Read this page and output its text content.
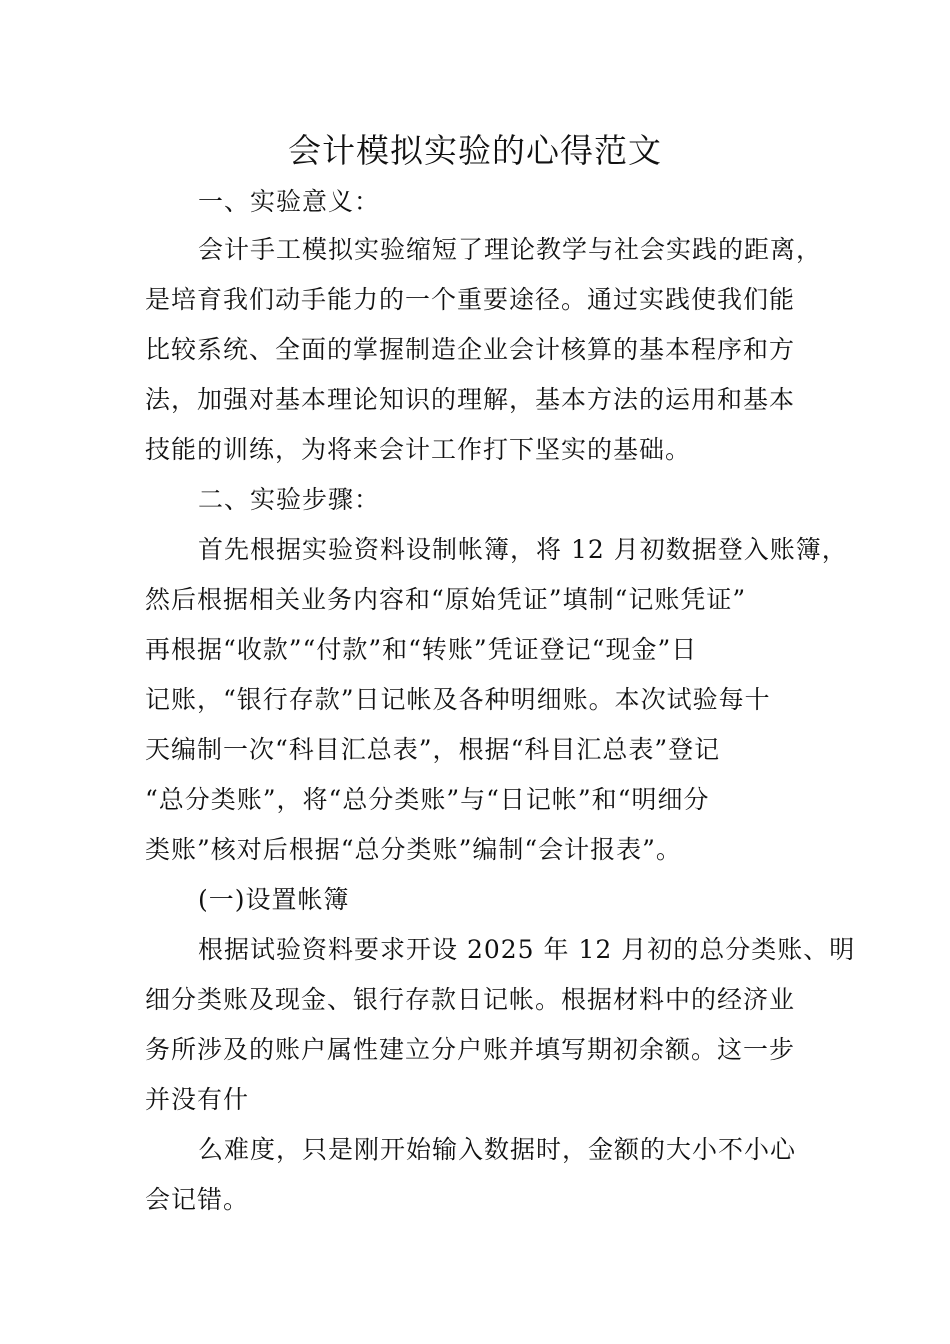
会计模拟实验的心得范文
一、实验意义：
会计手工模拟实验缩短了理论教学与社会实践的距离，
是培育我们动手能力的一个重要途径。通过实践使我们能
比较系统、全面的掌握制造企业会计核算的基本程序和方
法，加强对基本理论知识的理解，基本方法的运用和基本
技能的训练，为将来会计工作打下坚实的基础。
二、实验步骤：
首先根据实验资料设制帐簿，将 12 月初数据登入账簿，
然后根据相关业务内容和“原始凭证”填制“记账凭证”
再根据“收款”“付款”和“转账”凭证登记“现金”日
记账，“银行存款”日记帐及各种明细账。本次试验每十
天编制一次“科目汇总表”，根据“科目汇总表”登记
“总分类账”，将“总分类账”与“日记帐”和“明细分
类账”核对后根据“总分类账”编制“会计报表”。
(一)设置帐簿
根据试验资料要求开设 2025 年 12 月初的总分类账、明
细分类账及现金、银行存款日记帐。根据材料中的经济业
务所涉及的账户属性建立分户账并填写期初余额。这一步
并没有什
么难度，只是刚开始输入数据时，金额的大小不小心
会记错。
